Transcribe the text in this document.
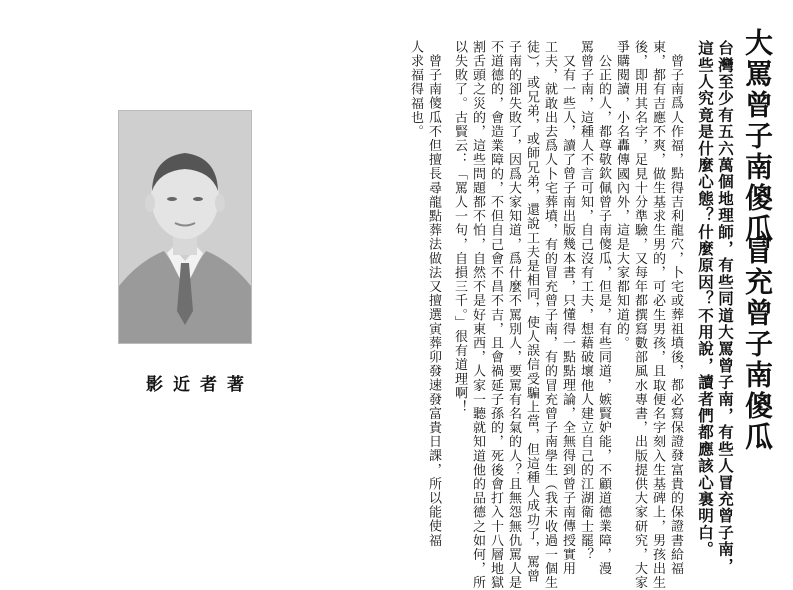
大罵曾子南傻瓜
冒充曾子南傻瓜
台灣至少有五六萬個地理師，有些同道大罵曾子南，有些人冒充曾子南，
這些人究竟是什麼心態？什麼原因？不用說，讀者們都應該心裏明白。
曾子南爲人作福，點得吉利龍穴，卜宅或葬祖墳後，都必寫保證發富貴的保證書給福
東，都有吉應不爽，做生基求生男的，可必生男孩，且取便名字刻入生基碑上，男孩出生
後，即用其名字，足見十分準驗，又每年都撰寫數部風水專書，出版提供大家研究，大家
爭購閱讀，小名轟傳國內外，這是大家都知道的。
公正的人，都尊敬欽佩曾子南傻瓜，但是，有些同道，嫉賢妒能，不顧道德業障，漫
罵曾子南，這種人不言可知，自己沒有工夫，想藉破壞他人建立自己的江湖衛士罷？
又有一些人，讀了曾子南出版幾本書，只懂得一點點理論，全無得到曾子南傳授實用
工夫，就敢出去爲人卜宅葬墳，有的冒充曾子南，有的冒充曾子南學生（我未收過一個生
徒），或兄弟，或師兄弟，還說工夫是相同，使人誤信受騙上當，但這種人成功了，罵曾
子南的卻失敗了，因爲大家知道，爲什麼不罵別人，要罵有名氣的人？且無怨無仇罵人是
不道德的，會造業障的，不但自己會不昌不吉，且會禍延子孫的，死後會打入十八層地獄
割舌頭之災的，這些問題都不怕，自然不是好東西，人家一聽就知道他的品德之如何，所
以失敗了。古賢云：「罵人一句，自損三千。」很有道理啊！
曾子南傻瓜不但擅長尋龍點葬法做法又擅選寅葬卯發速發富貴日課，所以能使福
人求福得福也。
影近者著
